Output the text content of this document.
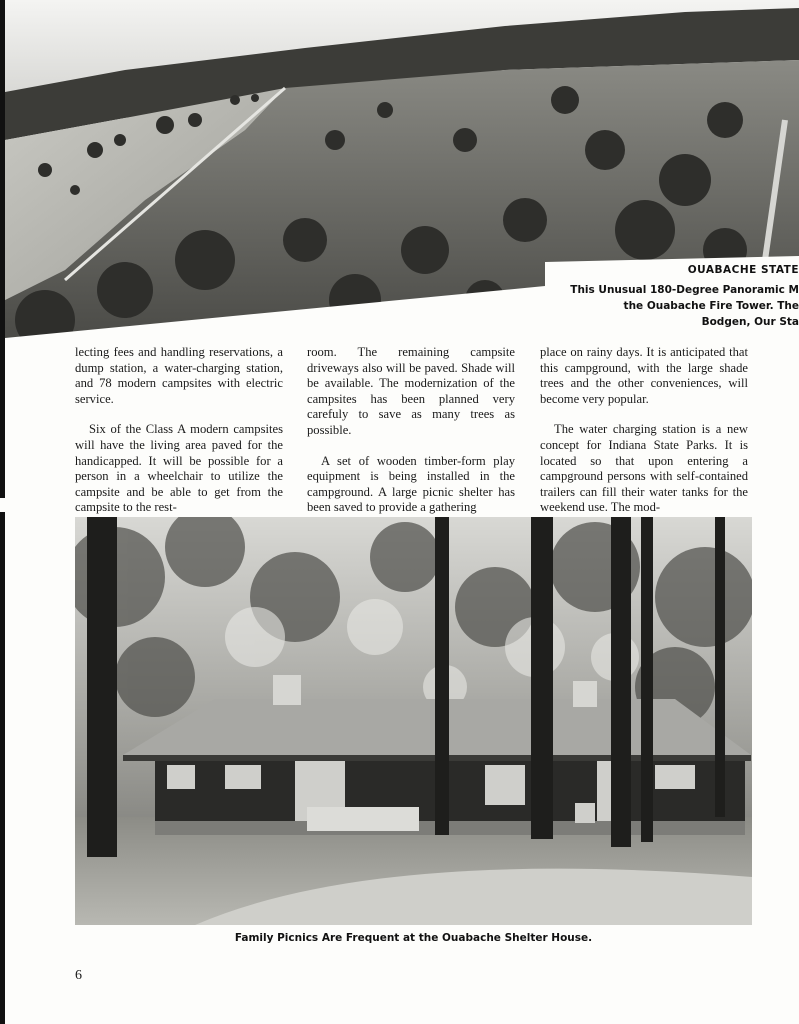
OUABACHE STATE
This Unusual 180-Degree Panoramic M
the Ouabache Fire Tower. The
Bodgen, Our Sta

lecting fees and handling reservations, a dump station, a water-charging station, and 78 modern campsites with electric service.

Six of the Class A modern campsites will have the living area paved for the handicapped. It will be possible for a person in a wheelchair to utilize the campsite and be able to get from the campsite to the rest-

room. The remaining campsite driveways also will be paved. Shade will be available. The modernization of the campsites has been planned very carefuly to save as many trees as possible.

A set of wooden timber-form play equipment is being installed in the campground. A large picnic shelter has been saved to provide a gathering

place on rainy days. It is anticipated that this campground, with the large shade trees and the other conveniences, will become very popular.

The water charging station is a new concept for Indiana State Parks. It is located so that upon entering a campground persons with self-contained trailers can fill their water tanks for the weekend use. The mod-

Family Picnics Are Frequent at the Ouabache Shelter House.
6
